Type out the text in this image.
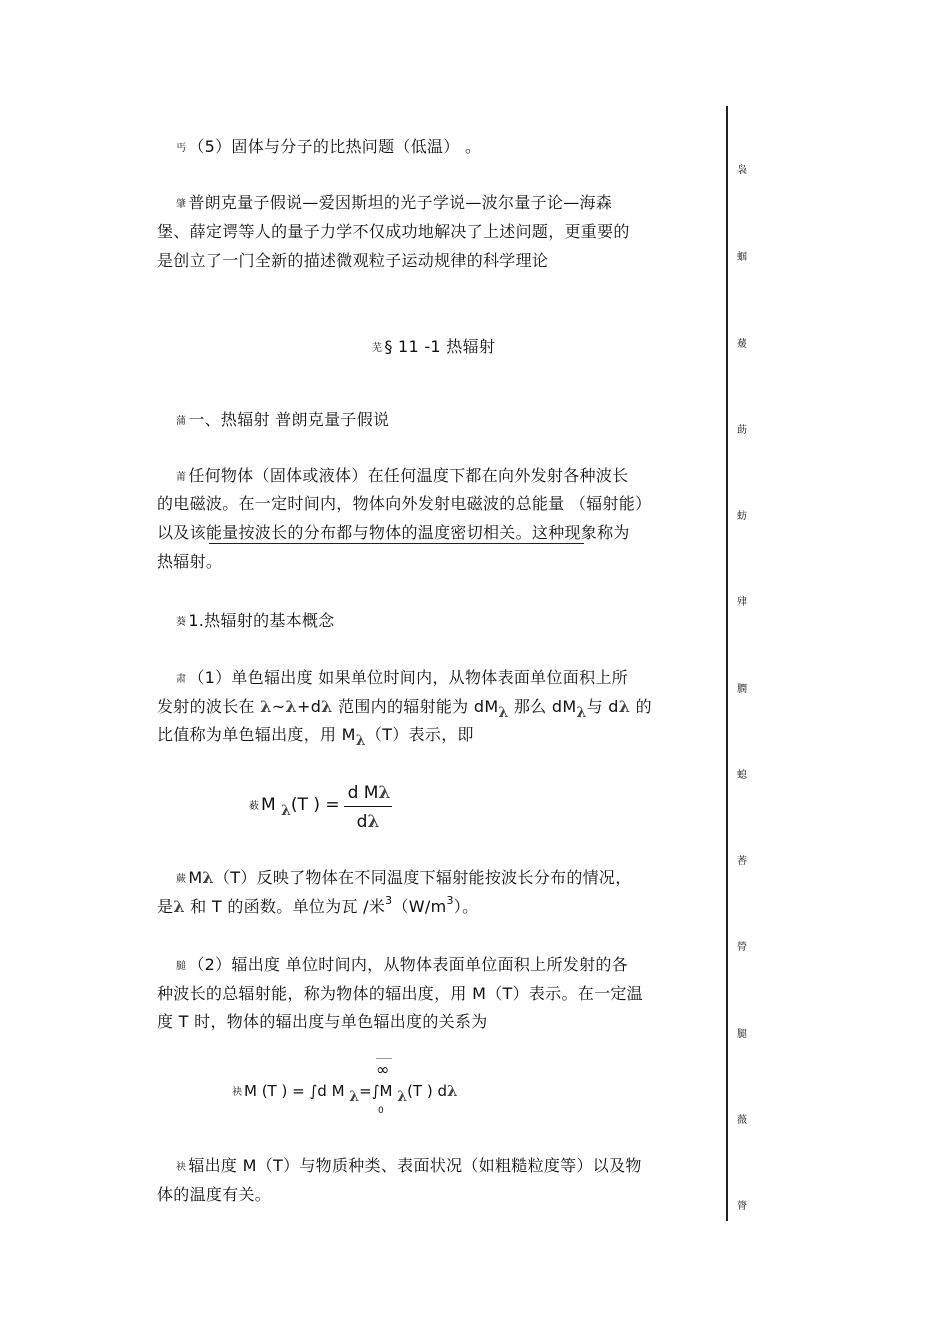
丐 （5）固体与分子的比热问题（低温） 。
肇 普朗克量子假说—爱因斯坦的光子学说—波尔量子论—海森
堡、薛定谔等人的量子力学不仅成功地解决了上述问题，更重要的
是创立了一门全新的描述微观粒子运动规律的科学理论
芜 § 11 -1 热辐射
蒲 一、热辐射 普朗克量子假说
莆 任何物体（固体或液体）在任何温度下都在向外发射各种波长
的电磁波。在一定时间内，物体向外发射电磁波的总能量 （辐射能）
以及该能量按波长的分布都与物体的温度密切相关。这种现象称为
热辐射。
葵 1.热辐射的基本概念
肃 （1）单色辐出度 如果单位时间内，从物体表面单位面积上所
发射的波长在 λ~λ+dλ 范围内的辐射能为 dMλ 那么 dMλ与 dλ 的
比值称为单色辐出度，用 Mλ（T）表示，即
薮 M $_\lambda$(T ) =
d Mλ
dλ
蕨 Mλ（T）反映了物体在不同温度下辐射能按波长分布的情况，
是λ 和 T 的函数。单位为瓦 /米$^3(W/m^3)$。
膇 （2）辐出度 单位时间内，从物体表面单位面积上所发射的各
种波长的总辐射能，称为物体的辐出度，用 M（T）表示。在一定温
度 T 时，物体的辐出度与单色辐出度的关系为
袂 M (T ) = ∫d M λ=∫M λ(T ) dλ
∞
0
袂 辐出度 M（T）与物质种类、表面状况（如粗糙粒度等）以及物
体的温度有关。
袅
蝈
蕿
莇
蚄
肂
膶
螅
莕
膋
腿
薇
膂
